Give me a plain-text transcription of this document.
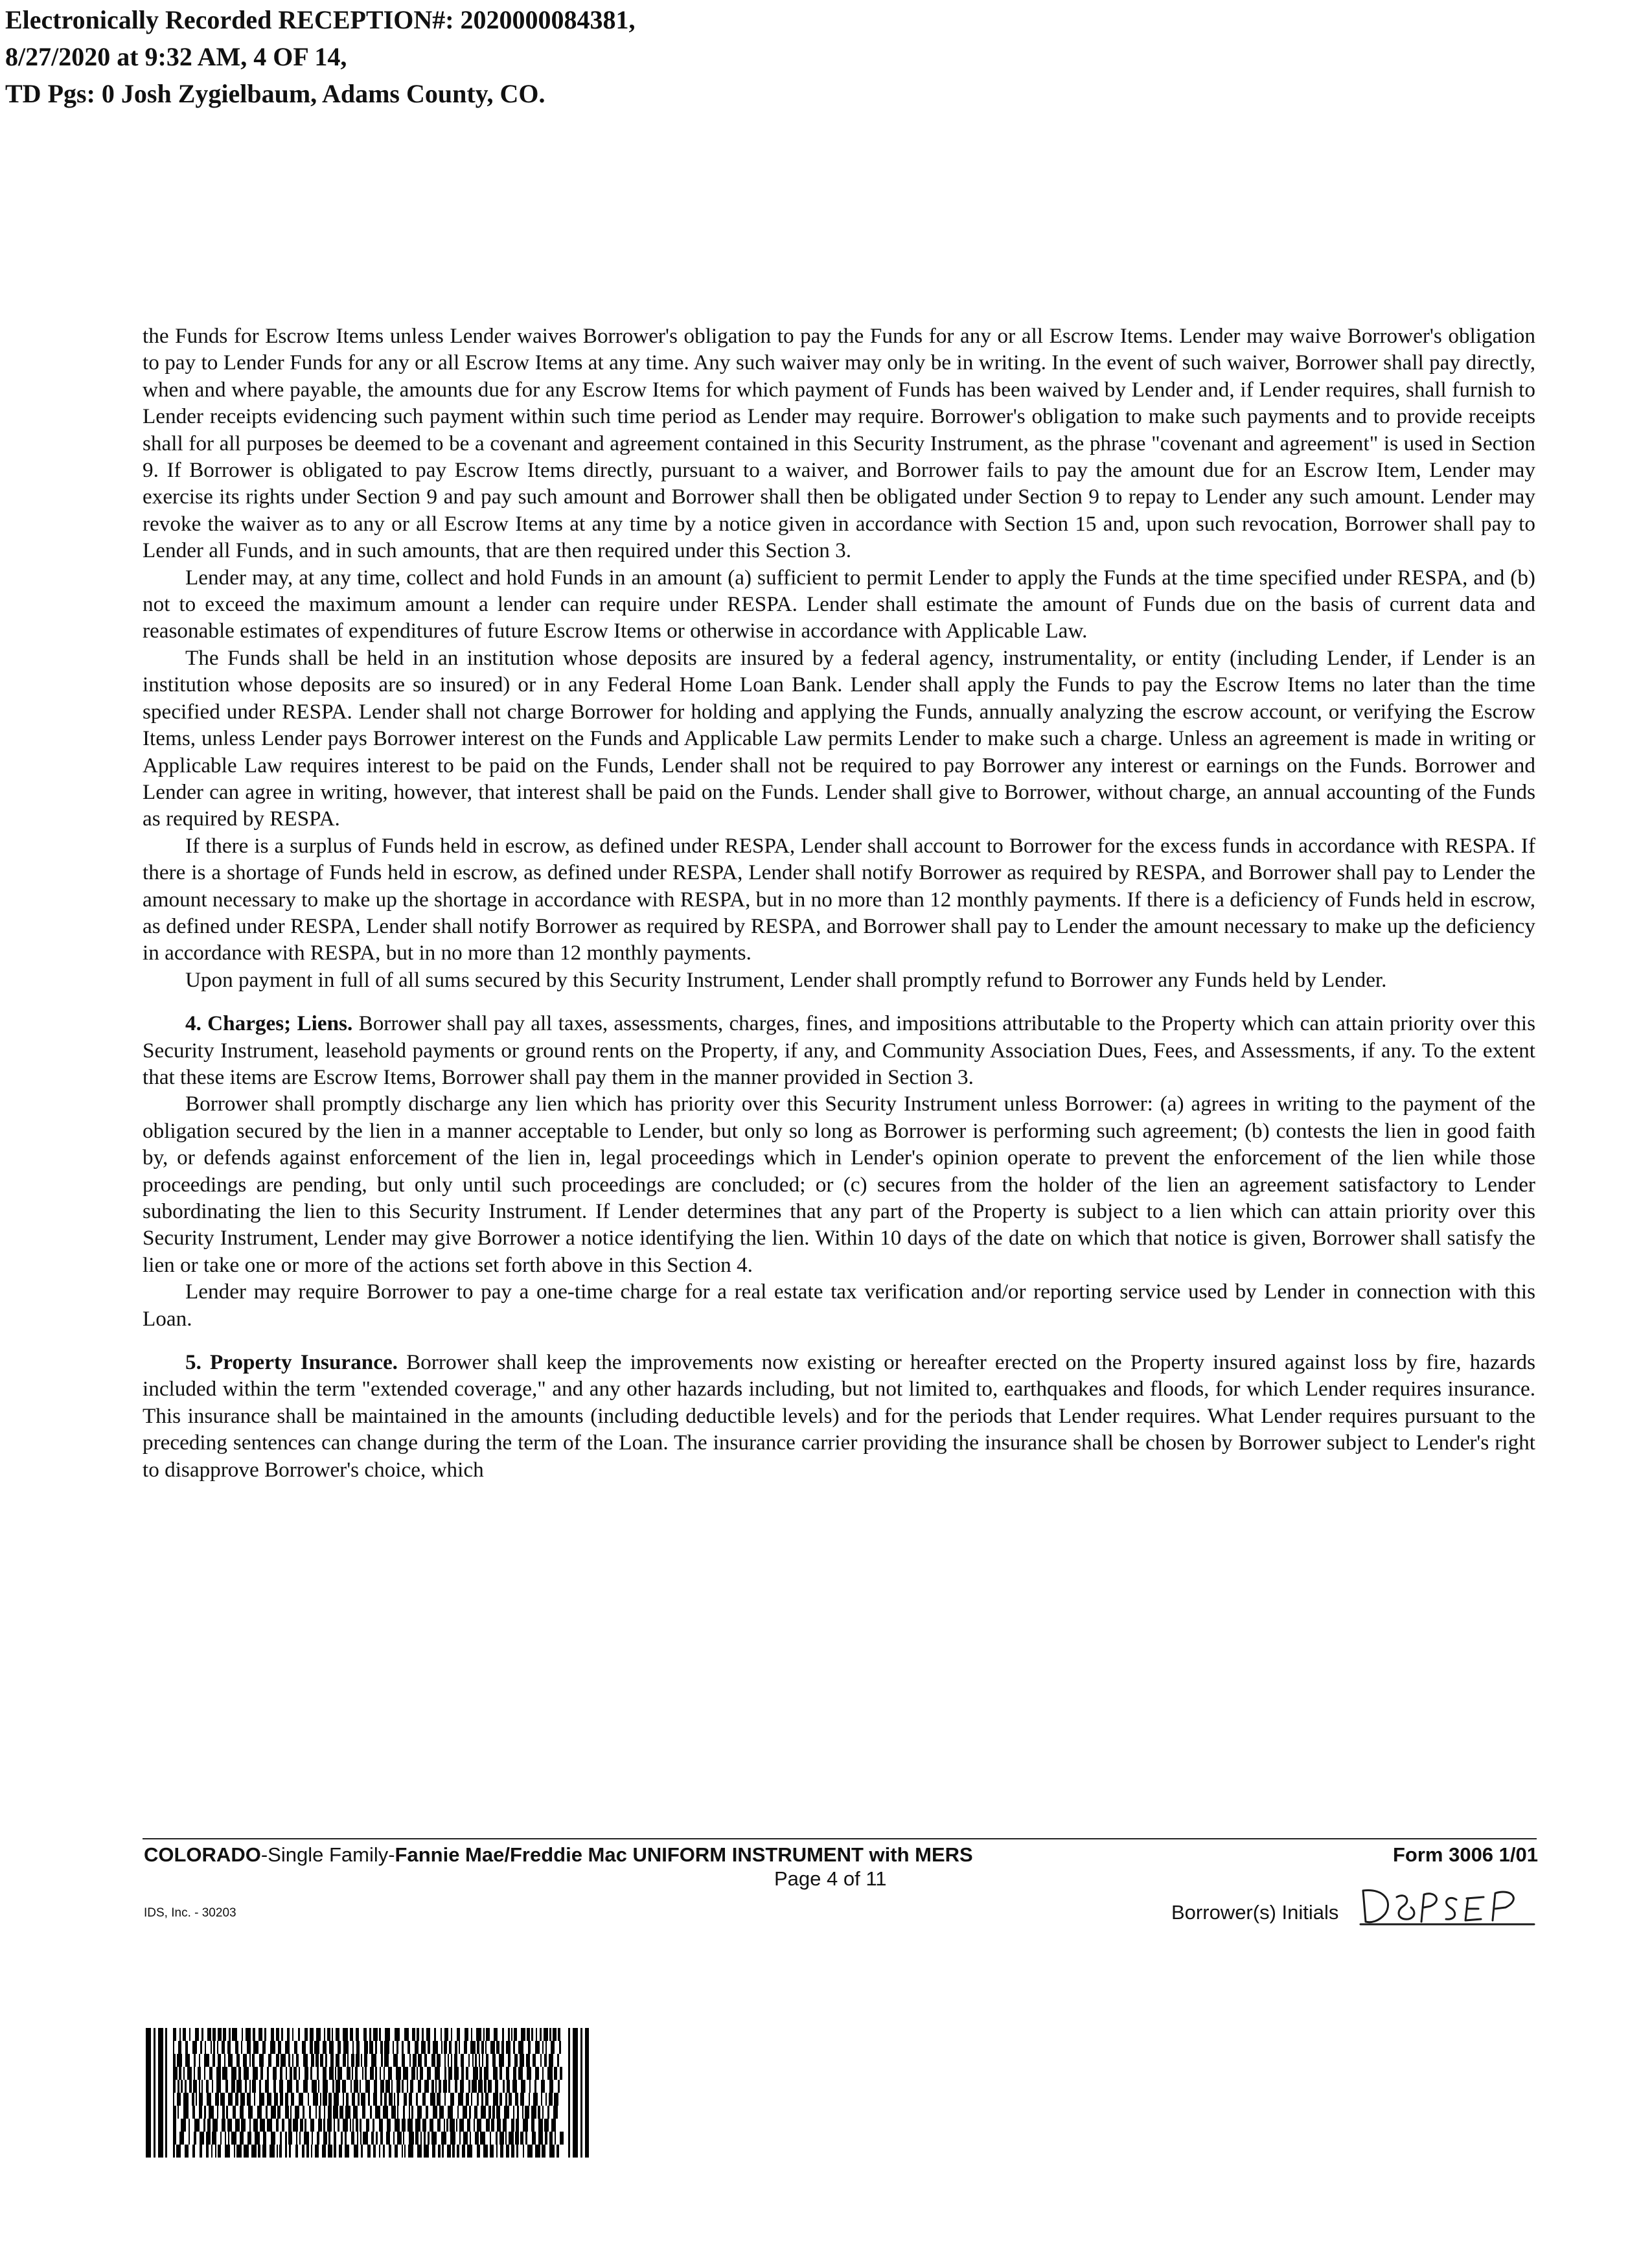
Electronically Recorded RECEPTION#: 2020000084381,
8/27/2020 at 9:32 AM, 4 OF 14,
TD Pgs: 0 Josh Zygielbaum, Adams County, CO.

the Funds for Escrow Items unless Lender waives Borrower's obligation to pay the Funds for any or all Escrow Items. Lender may waive Borrower's obligation to pay to Lender Funds for any or all Escrow Items at any time. Any such waiver may only be in writing. In the event of such waiver, Borrower shall pay directly, when and where payable, the amounts due for any Escrow Items for which payment of Funds has been waived by Lender and, if Lender requires, shall furnish to Lender receipts evidencing such payment within such time period as Lender may require. Borrower's obligation to make such payments and to provide receipts shall for all purposes be deemed to be a covenant and agreement contained in this Security Instrument, as the phrase "covenant and agreement" is used in Section 9. If Borrower is obligated to pay Escrow Items directly, pursuant to a waiver, and Borrower fails to pay the amount due for an Escrow Item, Lender may exercise its rights under Section 9 and pay such amount and Borrower shall then be obligated under Section 9 to repay to Lender any such amount. Lender may revoke the waiver as to any or all Escrow Items at any time by a notice given in accordance with Section 15 and, upon such revocation, Borrower shall pay to Lender all Funds, and in such amounts, that are then required under this Section 3.

Lender may, at any time, collect and hold Funds in an amount (a) sufficient to permit Lender to apply the Funds at the time specified under RESPA, and (b) not to exceed the maximum amount a lender can require under RESPA. Lender shall estimate the amount of Funds due on the basis of current data and reasonable estimates of expenditures of future Escrow Items or otherwise in accordance with Applicable Law.

The Funds shall be held in an institution whose deposits are insured by a federal agency, instrumentality, or entity (including Lender, if Lender is an institution whose deposits are so insured) or in any Federal Home Loan Bank. Lender shall apply the Funds to pay the Escrow Items no later than the time specified under RESPA. Lender shall not charge Borrower for holding and applying the Funds, annually analyzing the escrow account, or verifying the Escrow Items, unless Lender pays Borrower interest on the Funds and Applicable Law permits Lender to make such a charge. Unless an agreement is made in writing or Applicable Law requires interest to be paid on the Funds, Lender shall not be required to pay Borrower any interest or earnings on the Funds. Borrower and Lender can agree in writing, however, that interest shall be paid on the Funds. Lender shall give to Borrower, without charge, an annual accounting of the Funds as required by RESPA.

If there is a surplus of Funds held in escrow, as defined under RESPA, Lender shall account to Borrower for the excess funds in accordance with RESPA. If there is a shortage of Funds held in escrow, as defined under RESPA, Lender shall notify Borrower as required by RESPA, and Borrower shall pay to Lender the amount necessary to make up the shortage in accordance with RESPA, but in no more than 12 monthly payments. If there is a deficiency of Funds held in escrow, as defined under RESPA, Lender shall notify Borrower as required by RESPA, and Borrower shall pay to Lender the amount necessary to make up the deficiency in accordance with RESPA, but in no more than 12 monthly payments.

Upon payment in full of all sums secured by this Security Instrument, Lender shall promptly refund to Borrower any Funds held by Lender.

4. Charges; Liens. Borrower shall pay all taxes, assessments, charges, fines, and impositions attributable to the Property which can attain priority over this Security Instrument, leasehold payments or ground rents on the Property, if any, and Community Association Dues, Fees, and Assessments, if any. To the extent that these items are Escrow Items, Borrower shall pay them in the manner provided in Section 3.

Borrower shall promptly discharge any lien which has priority over this Security Instrument unless Borrower: (a) agrees in writing to the payment of the obligation secured by the lien in a manner acceptable to Lender, but only so long as Borrower is performing such agreement; (b) contests the lien in good faith by, or defends against enforcement of the lien in, legal proceedings which in Lender's opinion operate to prevent the enforcement of the lien while those proceedings are pending, but only until such proceedings are concluded; or (c) secures from the holder of the lien an agreement satisfactory to Lender subordinating the lien to this Security Instrument. If Lender determines that any part of the Property is subject to a lien which can attain priority over this Security Instrument, Lender may give Borrower a notice identifying the lien. Within 10 days of the date on which that notice is given, Borrower shall satisfy the lien or take one or more of the actions set forth above in this Section 4.

Lender may require Borrower to pay a one-time charge for a real estate tax verification and/or reporting service used by Lender in connection with this Loan.

5. Property Insurance. Borrower shall keep the improvements now existing or hereafter erected on the Property insured against loss by fire, hazards included within the term "extended coverage," and any other hazards including, but not limited to, earthquakes and floods, for which Lender requires insurance. This insurance shall be maintained in the amounts (including deductible levels) and for the periods that Lender requires. What Lender requires pursuant to the preceding sentences can change during the term of the Loan. The insurance carrier providing the insurance shall be chosen by Borrower subject to Lender's right to disapprove Borrower's choice, which

COLORADO-Single Family-Fannie Mae/Freddie Mac UNIFORM INSTRUMENT with MERS	Form 3006 1/01
Page 4 of 11
IDS, Inc. - 30203	Borrower(s) Initials
